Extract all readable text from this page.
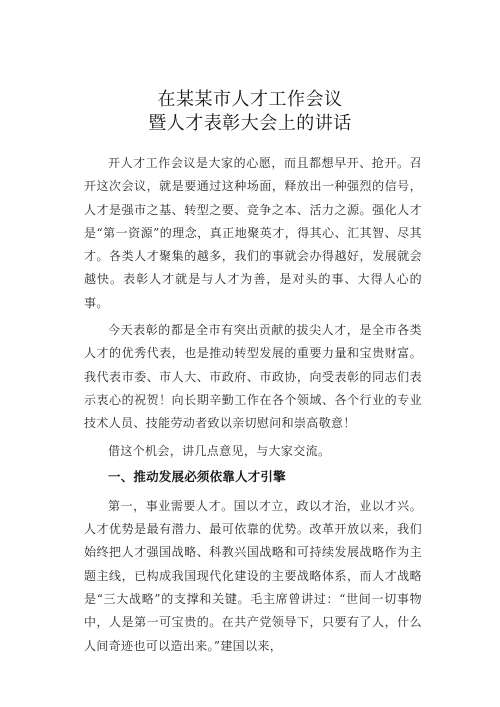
在某某市人才工作会议
暨人才表彰大会上的讲话

开人才工作会议是大家的心愿，而且都想早开、抢开。召开这次会议，就是要通过这种场面，释放出一种强烈的信号，人才是强市之基、转型之要、竞争之本、活力之源。强化人才是“第一资源”的理念，真正地聚英才，得其心、汇其智、尽其才。各类人才聚集的越多，我们的事就会办得越好，发展就会越快。表彰人才就是与人才为善，是对头的事、大得人心的事。

今天表彰的都是全市有突出贡献的拔尖人才，是全市各类人才的优秀代表，也是推动转型发展的重要力量和宝贵财富。我代表市委、市人大、市政府、市政协，向受表彰的同志们表示衷心的祝贺！向长期辛勤工作在各个领域、各个行业的专业技术人员、技能劳动者致以亲切慰问和崇高敬意！

借这个机会，讲几点意见，与大家交流。

一、推动发展必须依靠人才引擎

第一，事业需要人才。国以才立，政以才治，业以才兴。人才优势是最有潜力、最可依靠的优势。改革开放以来，我们始终把人才强国战略、科教兴国战略和可持续发展战略作为主题主线，已构成我国现代化建设的主要战略体系，而人才战略是“三大战略”的支撑和关键。毛主席曾讲过：“世间一切事物中，人是第一可宝贵的。在共产党领导下，只要有了人，什么人间奇迹也可以造出来。”建国以来，
